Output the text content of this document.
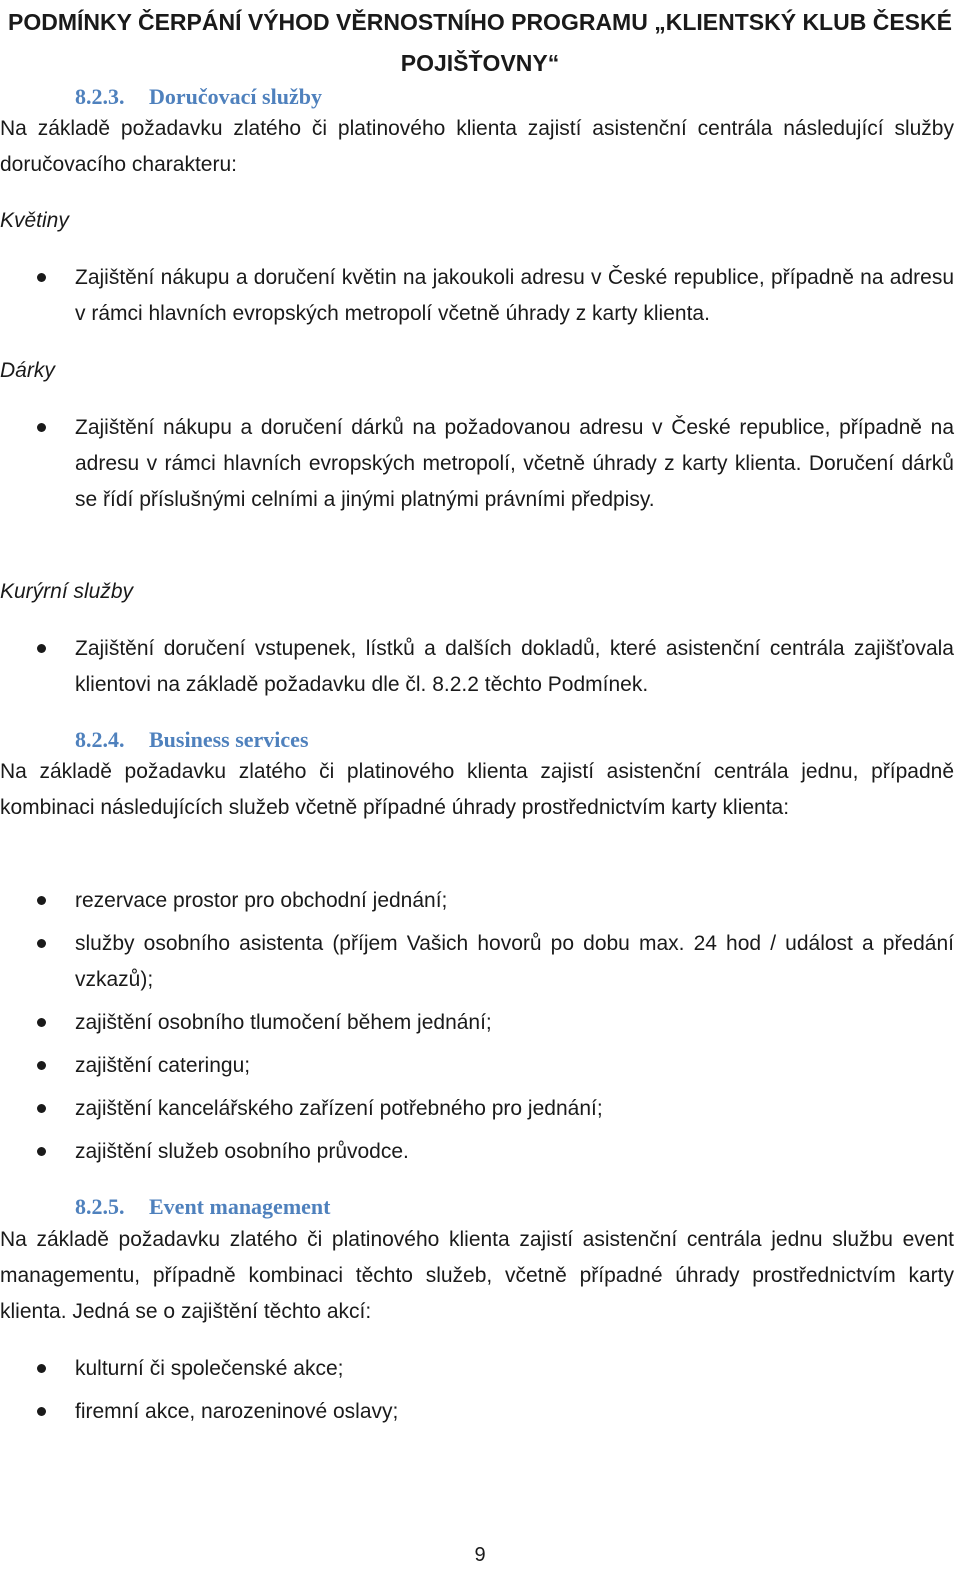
PODMÍNKY ČERPÁNÍ VÝHOD VĚRNOSTNÍHO PROGRAMU „KLIENTSKÝ KLUB ČESKÉ POJIŠŤOVNY“
8.2.3. Doručovací služby
Na základě požadavku zlatého či platinového klienta zajistí asistenční centrála následující služby doručovacího charakteru:
Květiny
Zajištění nákupu a doručení květin na jakoukoli adresu v České republice, případně na adresu v rámci hlavních evropských metropolí včetně úhrady z karty klienta.
Dárky
Zajištění nákupu a doručení dárků na požadovanou adresu v České republice, případně na adresu v rámci hlavních evropských metropolí, včetně úhrady z karty klienta. Doručení dárků se řídí příslušnými celními a jinými platnými právními předpisy.
Kurýrní služby
Zajištění doručení vstupenek, lístků a dalších dokladů, které asistenční centrála zajišťovala klientovi na základě požadavku dle čl. 8.2.2 těchto Podmínek.
8.2.4. Business services
Na základě požadavku zlatého či platinového klienta zajistí asistenční centrála jednu, případně kombinaci následujících služeb včetně případné úhrady prostřednictvím karty klienta:
rezervace prostor pro obchodní jednání;
služby osobního asistenta (příjem Vašich hovorů po dobu max. 24 hod / událost a předání vzkazů);
zajištění osobního tlumočení během jednání;
zajištění cateringu;
zajištění kancelářského zařízení potřebného pro jednání;
zajištění služeb osobního průvodce.
8.2.5. Event management
Na základě požadavku zlatého či platinového klienta zajistí asistenční centrála jednu službu event managementu, případně kombinaci těchto služeb, včetně případné úhrady prostřednictvím karty klienta. Jedná se o zajištění těchto akcí:
kulturní či společenské akce;
firemní akce, narozeninové oslavy;
9
